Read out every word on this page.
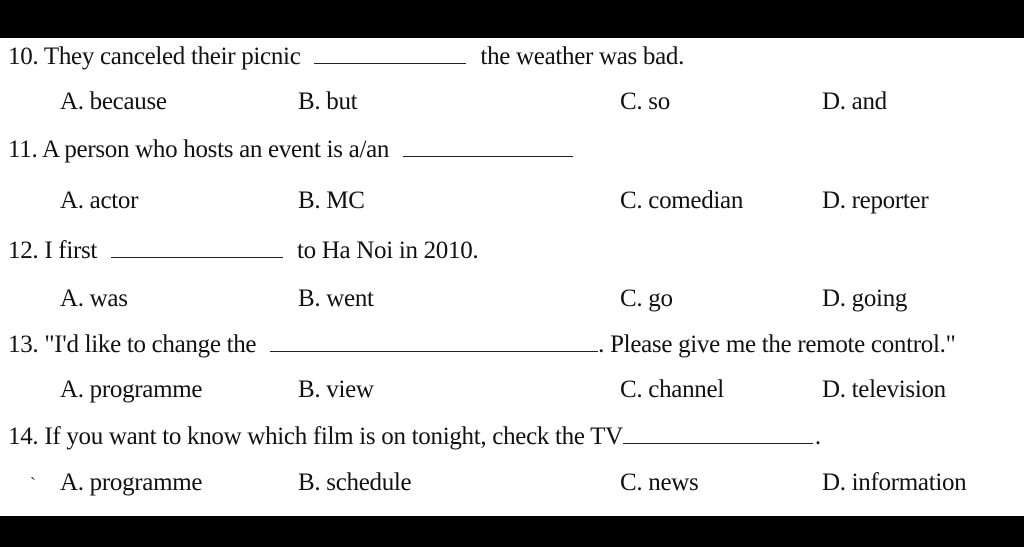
10. They canceled their picnic	the weather was bad.
A. because	B. but	C. so	D. and
11. A person who hosts an event is a/an
A. actor	B. MC	C. comedian	D. reporter
12. I first	to Ha Noi in 2010.
A. was	B. went	C. go	D. going
13. "I'd like to change the	. Please give me the remote control."
A. programme	B. view	C. channel	D. television
14. If you want to know which film is on tonight, check the TV	.
` A. programme	B. schedule	C. news	D. information
